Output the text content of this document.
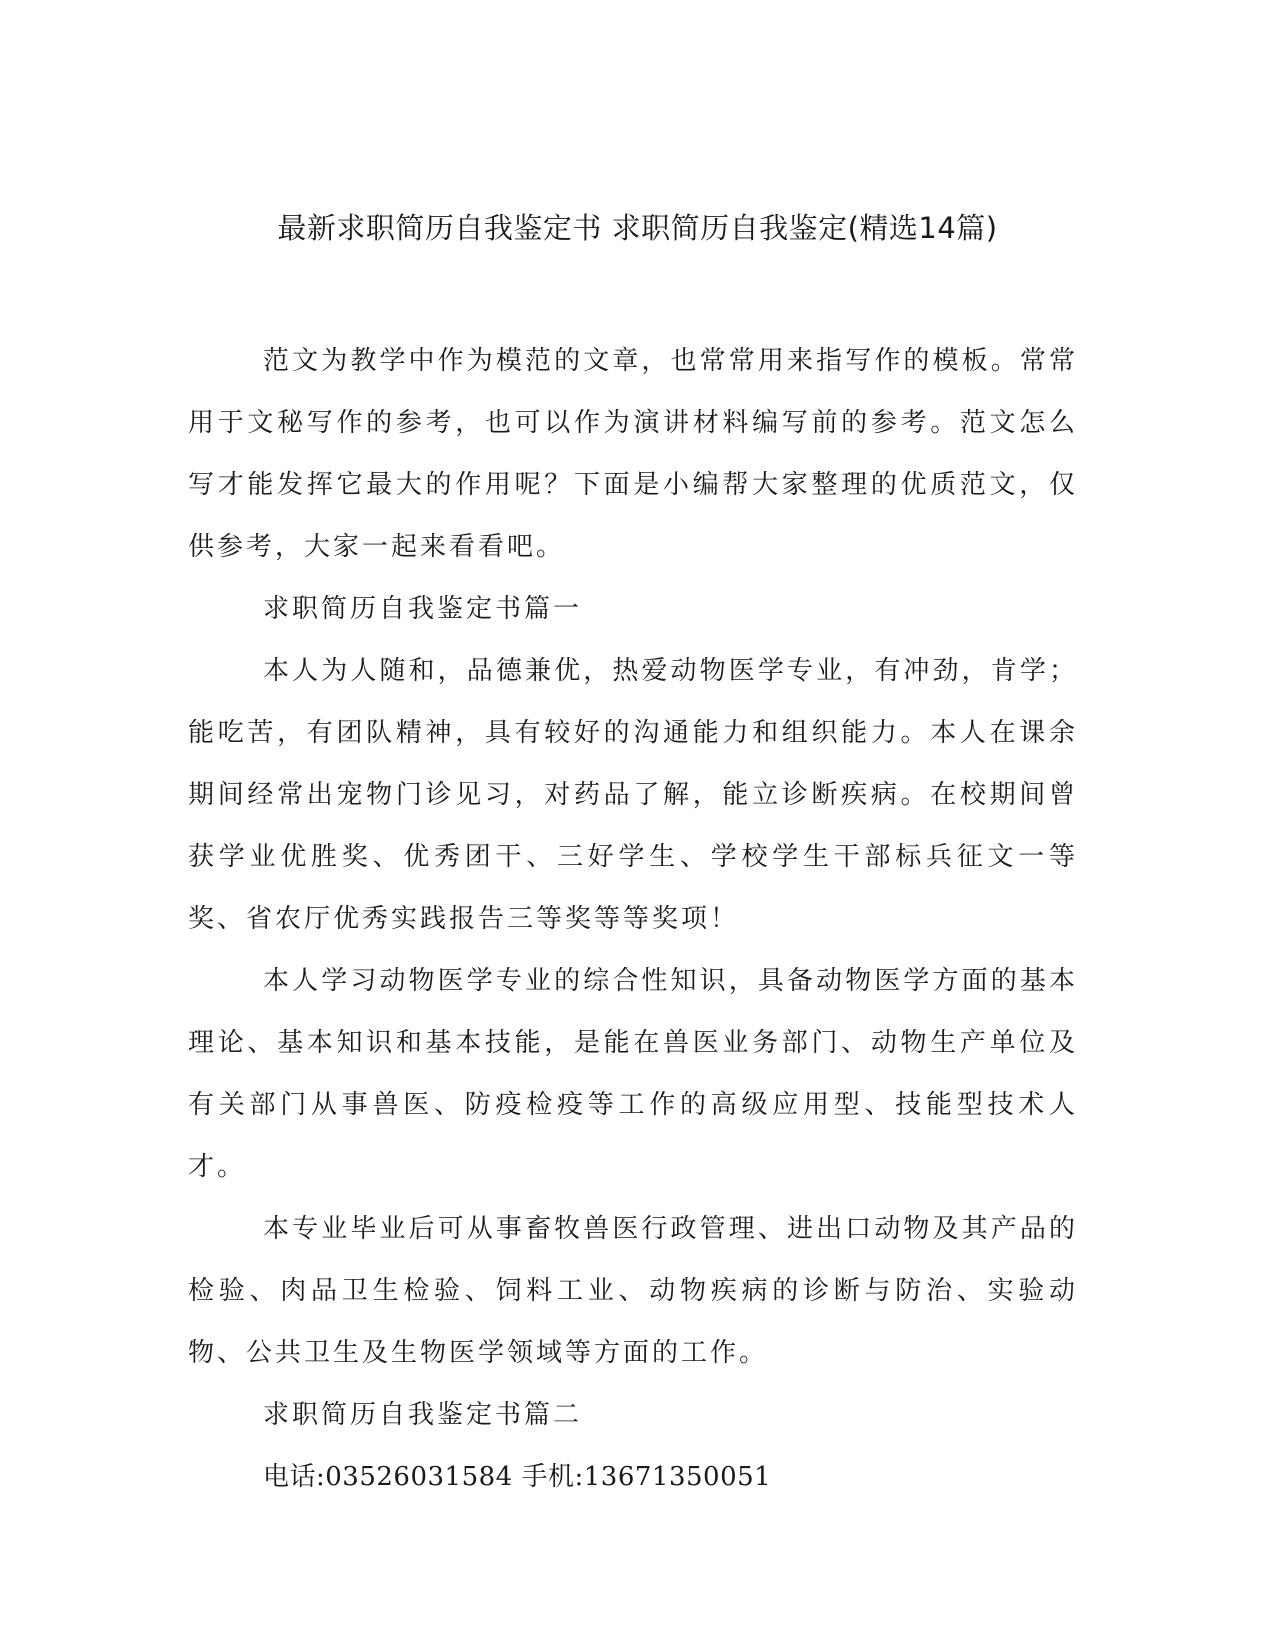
最新求职简历自我鉴定书 求职简历自我鉴定(精选14篇)

范文为教学中作为模范的文章，也常常用来指写作的模板。常常用于文秘写作的参考，也可以作为演讲材料编写前的参考。范文怎么写才能发挥它最大的作用呢？下面是小编帮大家整理的优质范文，仅供参考，大家一起来看看吧。

求职简历自我鉴定书篇一

本人为人随和，品德兼优，热爱动物医学专业，有冲劲，肯学；能吃苦，有团队精神，具有较好的沟通能力和组织能力。本人在课余期间经常出宠物门诊见习，对药品了解，能立诊断疾病。在校期间曾获学业优胜奖、优秀团干、三好学生、学校学生干部标兵征文一等奖、省农厅优秀实践报告三等奖等等奖项！

本人学习动物医学专业的综合性知识，具备动物医学方面的基本理论、基本知识和基本技能，是能在兽医业务部门、动物生产单位及有关部门从事兽医、防疫检疫等工作的高级应用型、技能型技术人才。

本专业毕业后可从事畜牧兽医行政管理、进出口动物及其产品的检验、肉品卫生检验、饲料工业、动物疾病的诊断与防治、实验动物、公共卫生及生物医学领域等方面的工作。

求职简历自我鉴定书篇二

电话:03526031584 手机:13671350051
